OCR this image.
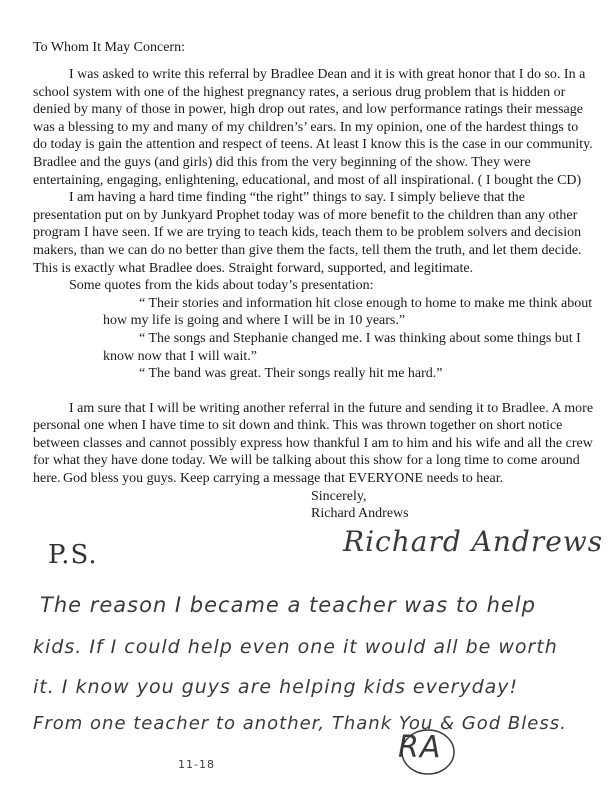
To Whom It May Concern:

I was asked to write this referral by Bradlee Dean and it is with great honor that I do so. In a school system with one of the highest pregnancy rates, a serious drug problem that is hidden or denied by many of those in power, high drop out rates, and low performance ratings their message was a blessing to my and many of my children’s’ ears. In my opinion, one of the hardest things to do today is gain the attention and respect of teens. At least I know this is the case in our community. Bradlee and the guys (and girls) did this from the very beginning of the show. They were entertaining, engaging, enlightening, educational, and most of all inspirational. ( I bought the CD)

I am having a hard time finding “the right” things to say. I simply believe that the presentation put on by Junkyard Prophet today was of more benefit to the children than any other program I have seen. If we are trying to teach kids, teach them to be problem solvers and decision makers, than we can do no better than give them the facts, tell them the truth, and let them decide. This is exactly what Bradlee does. Straight forward, supported, and legitimate.

Some quotes from the kids about today’s presentation:

“ Their stories and information hit close enough to home to make me think about how my life is going and where I will be in 10 years.”

“ The songs and Stephanie changed me. I was thinking about some things but I know now that I will wait.”

“ The band was great. Their songs really hit me hard.”

I am sure that I will be writing another referral in the future and sending it to Bradlee. A more personal one when I have time to sit down and think. This was thrown together on short notice between classes and cannot possibly express how thankful I am to him and his wife and all the crew for what they have done today. We will be talking about this show for a long time to come around here. God bless you guys. Keep carrying a message that EVERYONE needs to hear.
Sincerely,
Richard Andrews
P.S.	Richard Andrews
The reason I became a teacher was to help
kids. If I could help even one it would all be worth
it. I know you guys are helping kids everyday!
From one teacher to another, Thank You & God Bless.
RA
11-18
